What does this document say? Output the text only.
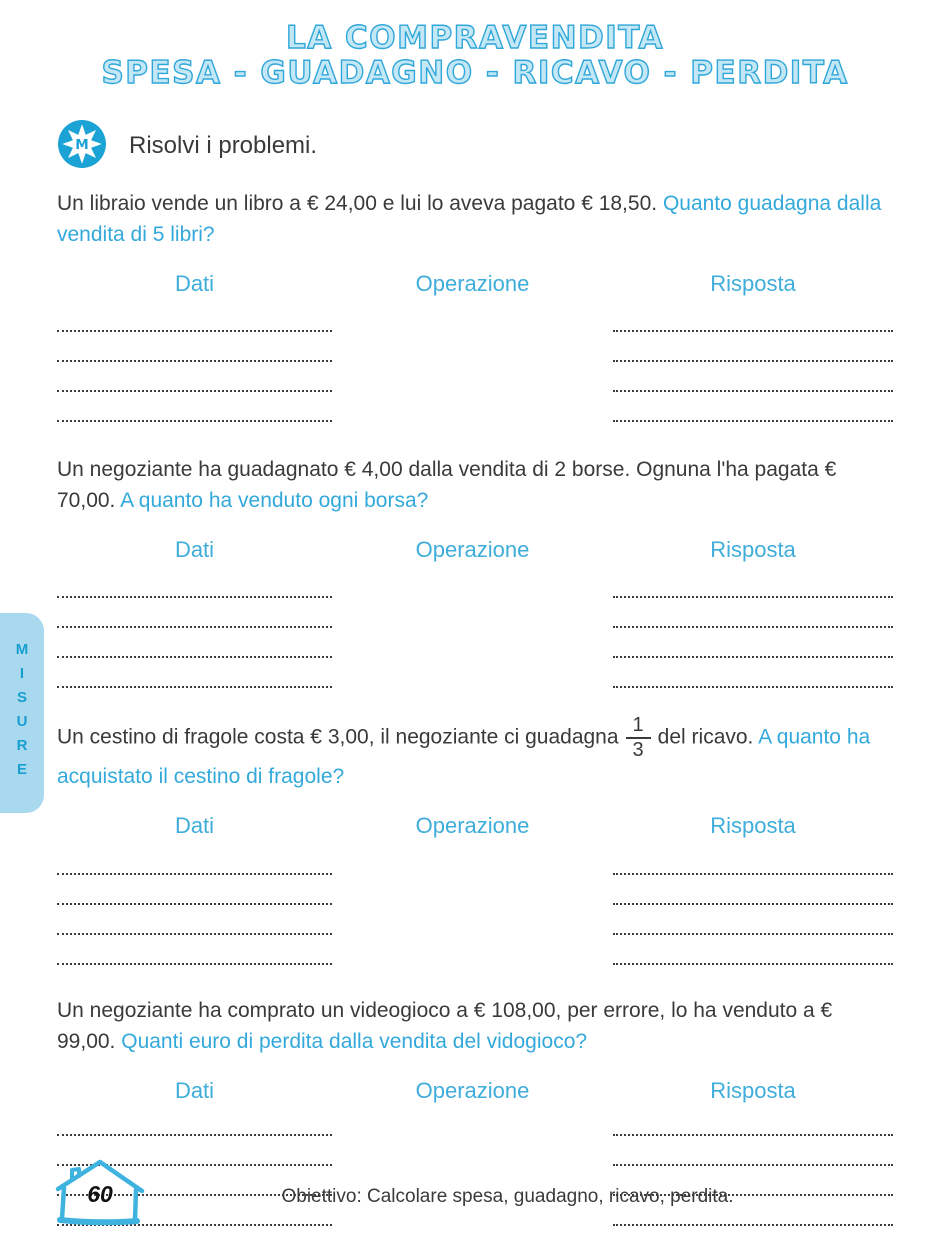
LA COMPRAVENDITA
SPESA - GUADAGNO - RICAVO - PERDITA
M Risolvi i problemi.

Un libraio vende un libro a € 24,00 e lui lo aveva pagato € 18,50. Quanto guadagna dalla vendita di 5 libri?

Dati	Operazione	Risposta

Un negoziante ha guadagnato € 4,00 dalla vendita di 2 borse. Ognuna l'ha pagata € 70,00. A quanto ha venduto ogni borsa?

Dati	Operazione	Risposta

Un cestino di fragole costa € 3,00, il negoziante ci guadagna $\frac{1}{3}$ del ricavo. A quanto ha acquistato il cestino di fragole?

Dati	Operazione	Risposta

Un negoziante ha comprato un videogioco a € 108,00, per errore, lo ha venduto a € 99,00. Quanti euro di perdita dalla vendita del vidogioco?

Dati	Operazione	Risposta
MISURE
60	Obiettivo: Calcolare spesa, guadagno, ricavo, perdita.
